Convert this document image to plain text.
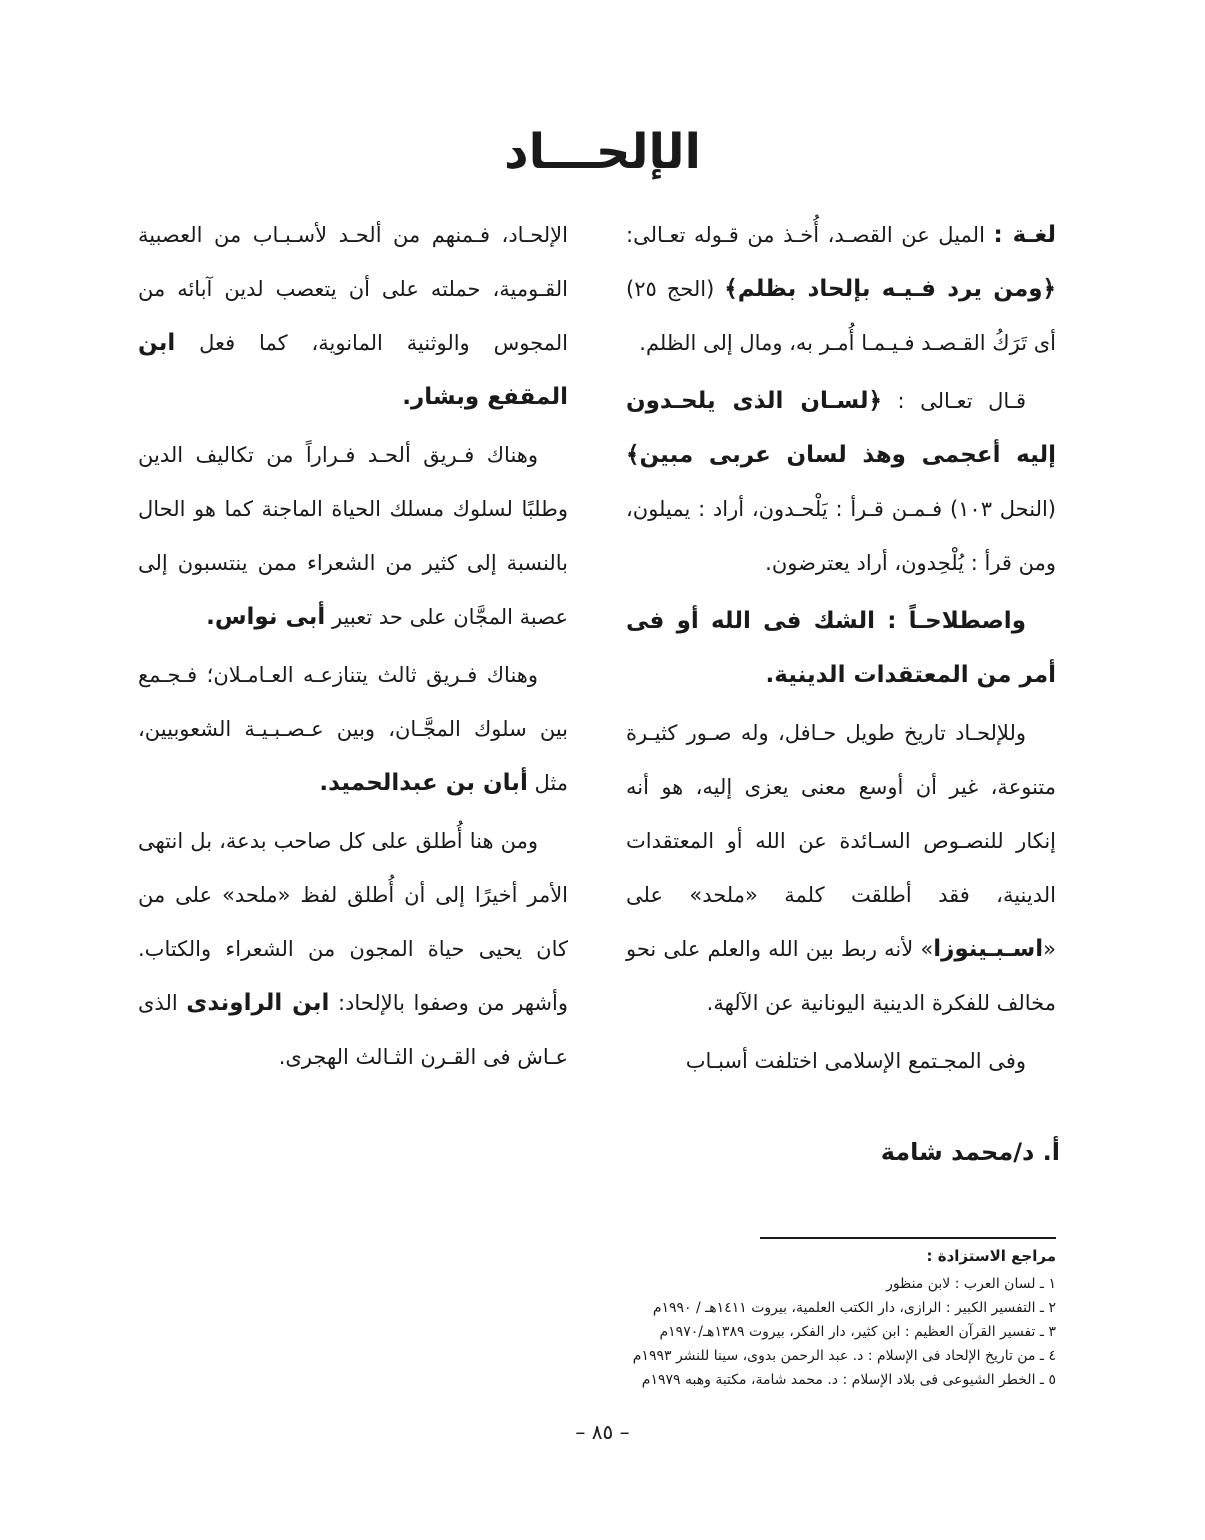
الإلحـــاد

لغـة : الميل عن القصـد، أُخـذ من قـوله تعـالى: ﴿ومن يرد فـيـه بإلحاد بظلم﴾ (الحج ٢٥) أى تَرَكُ القـصـد فـيـمـا أُمـر به، ومال إلى الظلم.

قـال تعـالى : ﴿لسـان الذى يلحـدون إليه أعجمى وهذ لسان عربى مبين﴾ (النحل ١٠٣) فـمـن قـرأ : يَلْحـدون، أراد : يميلون، ومن قرأ : يُلْحِدون، أراد يعترضون.

واصطلاحـاً : الشك فى الله أو فى أمر من المعتقدات الدينية.

وللإلحـاد تاريخ طويل حـافل، وله صـور كثيـرة متنوعة، غير أن أوسع معنى يعزى إليه، هو أنه إنكار للنصـوص السـائدة عن الله أو المعتقدات الدينية، فقد أطلقت كلمة «ملحد» على «اسـبـينوزا» لأنه ربط بين الله والعلم على نحو مخالف للفكرة الدينية اليونانية عن الآلهة.

وفى المجـتمع الإسلامى اختلفت أسبـاب

الإلحـاد، فـمنهم من ألحـد لأسـبـاب من العصبية القـومية، حملته على أن يتعصب لدين آبائه من المجوس والوثنية المانوية، كما فعل ابن المقفع وبشار.

وهناك فـريق ألحـد فـراراً من تكاليف الدين وطلبًا لسلوك مسلك الحياة الماجنة كما هو الحال بالنسبة إلى كثير من الشعراء ممن ينتسبون إلى عصبة المجَّان على حد تعبير أبى نواس.

وهناك فـريق ثالث يتنازعـه العـامـلان؛ فـجـمع بين سلوك المجَّـان، وبين عـصـبـيـة الشعوبيين، مثل أبان بن عبدالحميد.

ومن هنا أُطلق على كل صاحب بدعة، بل انتهى الأمر أخيرًا إلى أن أُطلق لفظ «ملحد» على من كان يحيى حياة المجون من الشعراء والكتاب. وأشهر من وصفوا بالإلحاد: ابن الراوندى الذى عـاش فى القـرن الثـالث الهجرى.

أ. د/محمد شامة

مراجع الاستزادة :

١ ـ لسان العرب : لابن منظور
٢ ـ التفسير الكبير : الرازى، دار الكتب العلمية، بيروت ١٤١١هـ / ١٩٩٠م
٣ ـ تفسير القرآن العظيم : ابن كثير، دار الفكر، بيروت ١٣٨٩هـ/١٩٧٠م
٤ ـ من تاريخ الإلحاد فى الإسلام : د. عبد الرحمن بدوى، سينا للنشر ١٩٩٣م
٥ ـ الخطر الشيوعى فى بلاد الإسلام : د. محمد شامة، مكتبة وهبه ١٩٧٩م

– ٨٥ –
